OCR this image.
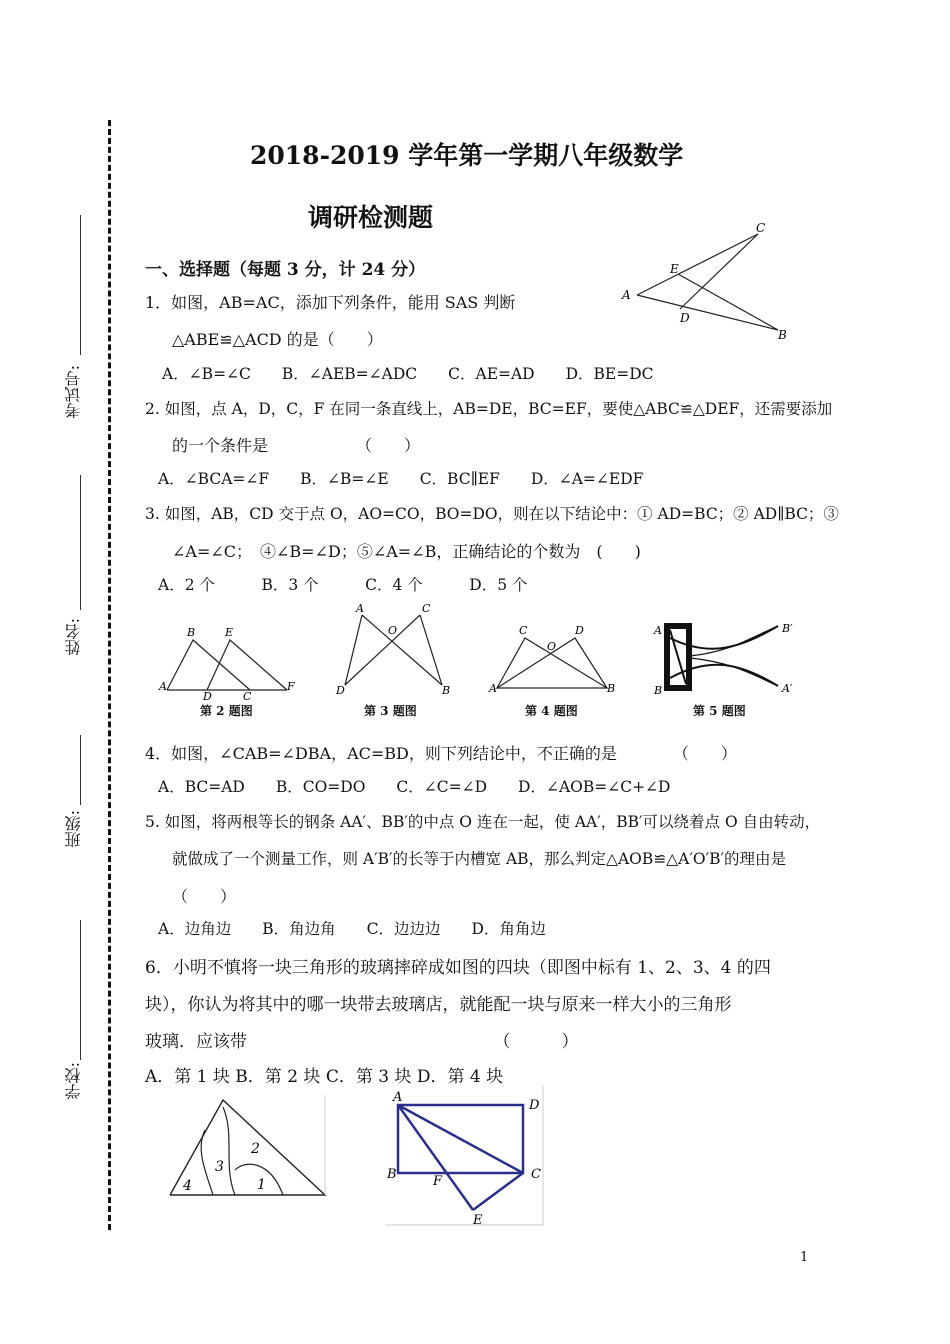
考试号:
姓名:
班级:
学校:
2018-2019 学年第一学期八年级数学
调研检测题
一、选择题（每题 3 分，计 24 分）
1．如图，AB=AC，添加下列条件，能用 SAS 判断
△ABE≌△ACD 的是（　　）
A．∠B=∠C　　B．∠AEB=∠ADC　　C．AE=AD　　D．BE=DC
C
E
A
D
B
2. 如图，点 A，D，C，F 在同一条直线上，AB=DE，BC=EF，要使△ABC≌△DEF，还需要添加
的一个条件是　　　　　　（　　）
A．∠BCA=∠F　　B．∠B=∠E　　C．BC∥EF　　D．∠A=∠EDF
3. 如图，AB，CD 交于点 O，AO=CO，BO=DO，则在以下结论中：① AD=BC；② AD∥BC；③
∠A=∠C；　④∠B=∠D；⑤∠A=∠B，正确结论的个数为　(　　)
A．2 个　　　B．3 个　　　C．4 个　　　D．5 个
B	E
A
D	C
F
第 2 题图
A	C
O
D	B
第 3 题图
C	D
O
A	B
第 4 题图
A
B
B′
A′
第 5 题图
4．如图，∠CAB=∠DBA，AC=BD，则下列结论中，不正确的是　　　　（　　）
A．BC=AD　　B．CO=DO　　C．∠C=∠D　　D．∠AOB=∠C+∠D
5. 如图，将两根等长的钢条 AA′、BB′的中点 O 连在一起，使 AA′，BB′可以绕着点 O 自由转动，
就做成了一个测量工作，则 A′B′的长等于内槽宽 AB，那么判定△AOB≌△A′O′B′的理由是
（　　）
A．边角边　　B．角边角　　C．边边边　　D．角角边
6．小明不慎将一块三角形的玻璃摔碎成如图的四块（即图中标有 1、2、3、4 的四
块），你认为将其中的哪一块带去玻璃店，就能配一块与原来一样大小的三角形
玻璃．应该带　　　　　　　　　　　　　　　（　　　）
A．第 1 块 B．第 2 块 C．第 3 块 D．第 4 块
4
3
2
1
A
D
B	C
F
E
1
